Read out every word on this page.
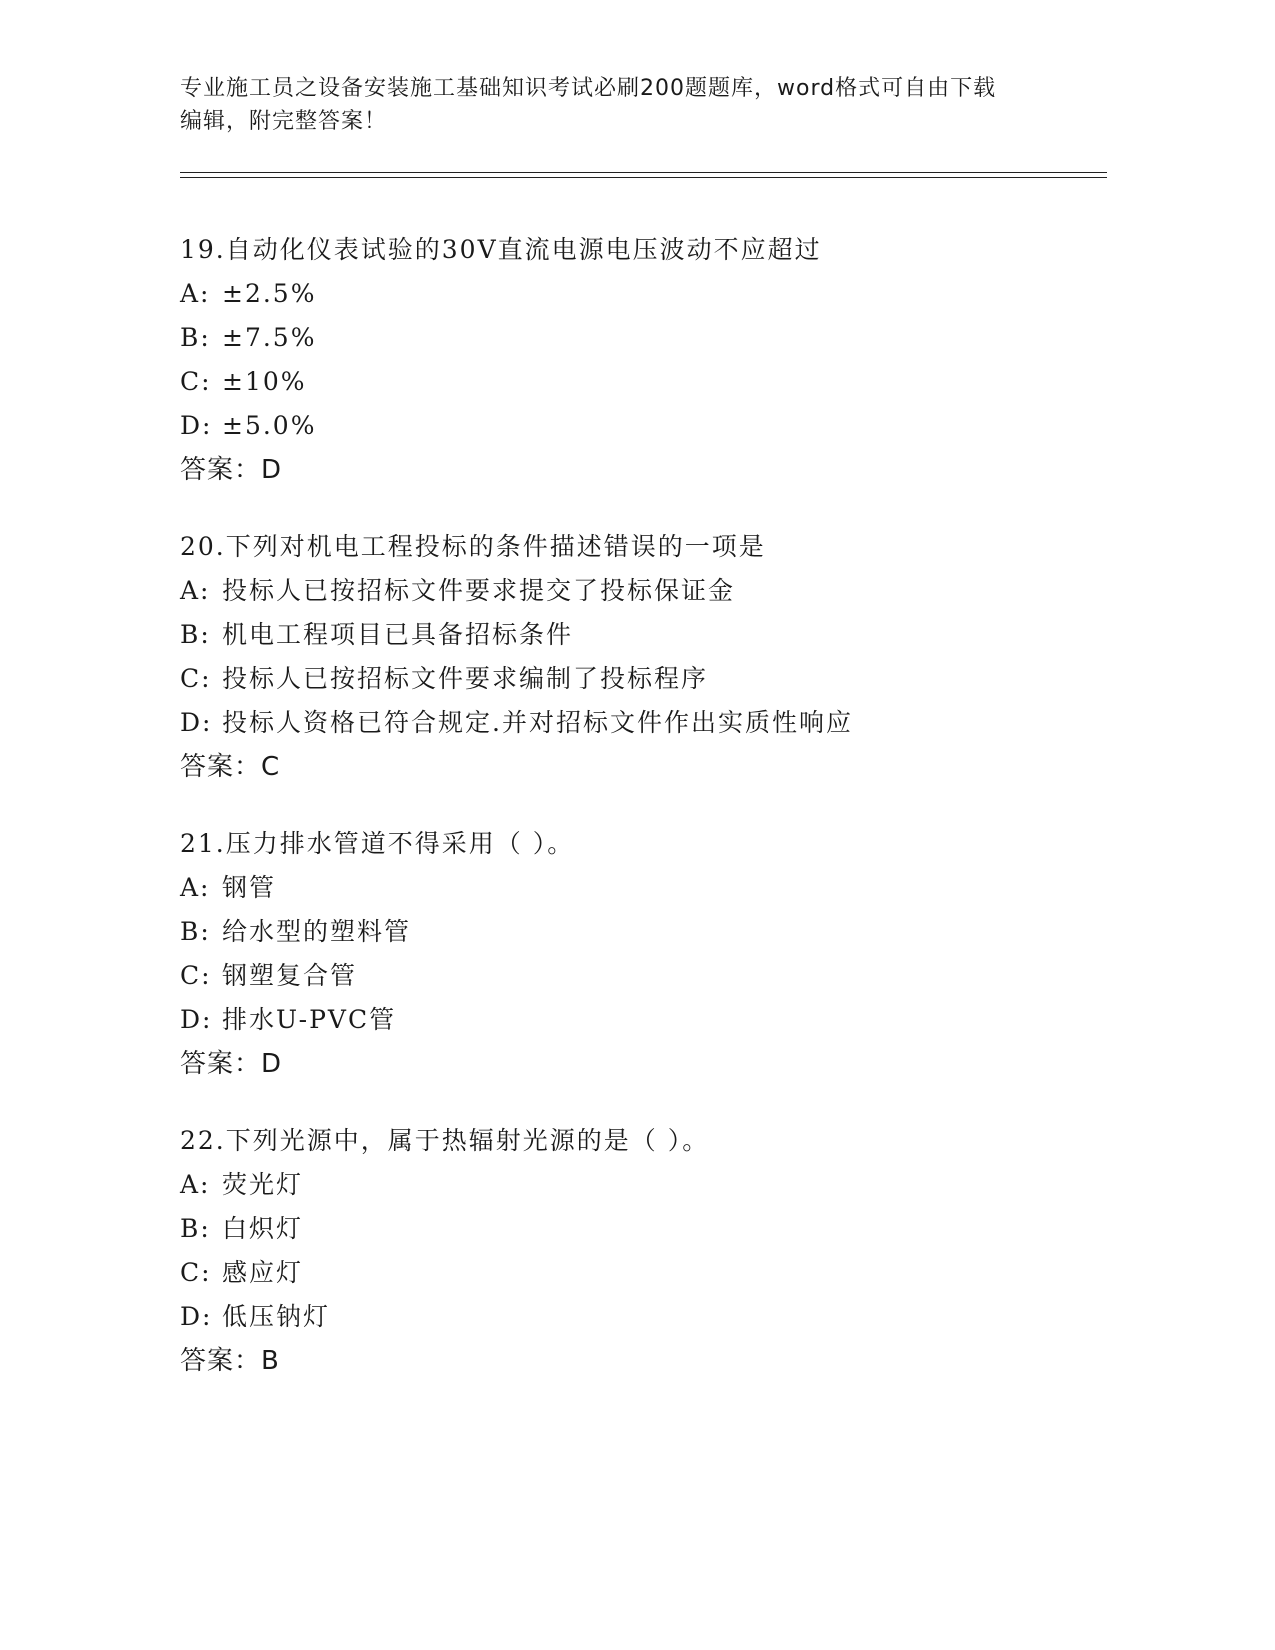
专业施工员之设备安装施工基础知识考试必刷200题题库，word格式可自由下载
编辑，附完整答案！
19.自动化仪表试验的30V直流电源电压波动不应超过
A: ±2.5%
B: ±7.5%
C: ±10%
D: ±5.0%
答案：D
20.下列对机电工程投标的条件描述错误的一项是
A: 投标人已按招标文件要求提交了投标保证金
B: 机电工程项目已具备招标条件
C: 投标人已按招标文件要求编制了投标程序
D: 投标人资格已符合规定.并对招标文件作出实质性响应
答案：C
21.压力排水管道不得采用（ ）。
A: 钢管
B: 给水型的塑料管
C: 钢塑复合管
D: 排水U-PVC管
答案：D
22.下列光源中，属于热辐射光源的是（ ）。
A: 荧光灯
B: 白炽灯
C: 感应灯
D: 低压钠灯
答案：B
